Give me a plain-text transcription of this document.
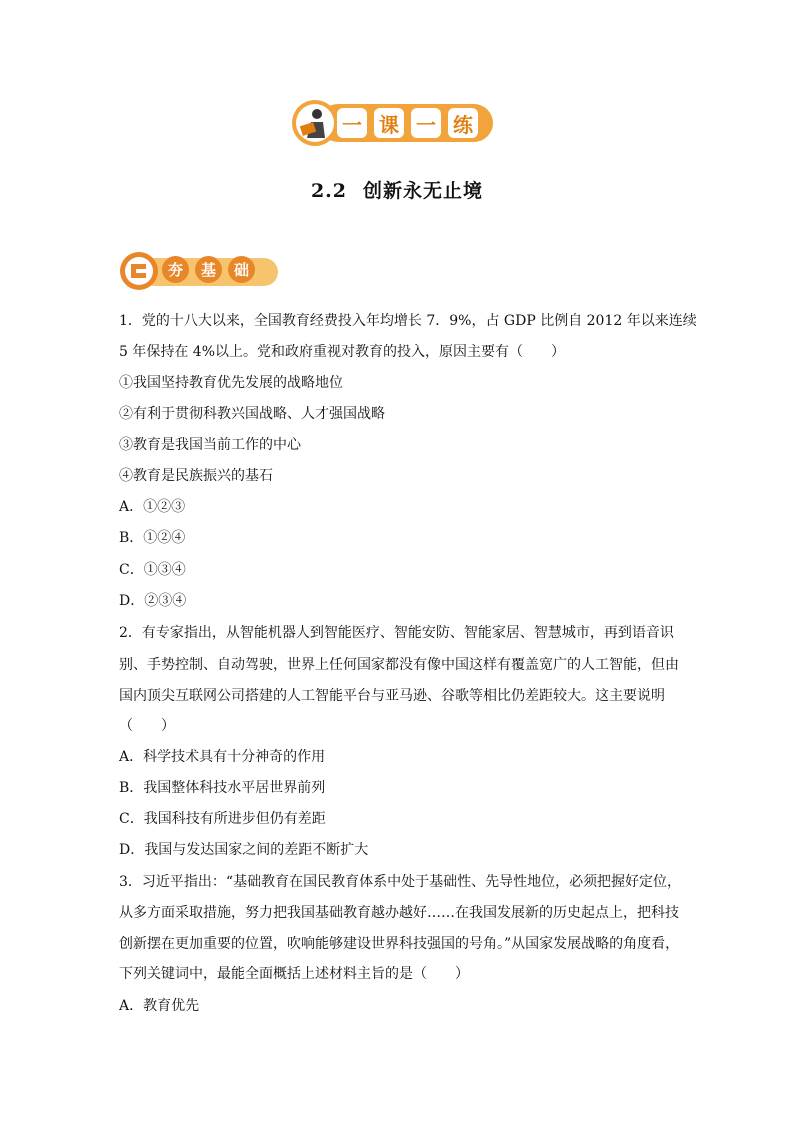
一 课 一 练
2.2 创新永无止境
夯	基	础
1．党的十八大以来，全国教育经费投入年均增长 7．9%，占 GDP 比例自 2012 年以来连续
5 年保持在 4%以上。党和政府重视对教育的投入，原因主要有（　　）
①我国坚持教育优先发展的战略地位
②有利于贯彻科教兴国战略、人才强国战略
③教育是我国当前工作的中心
④教育是民族振兴的基石
A．①②③
B．①②④
C．①③④
D．②③④
2．有专家指出，从智能机器人到智能医疗、智能安防、智能家居、智慧城市，再到语音识
别、手势控制、自动驾驶，世界上任何国家都没有像中国这样有覆盖宽广的人工智能，但由
国内顶尖互联网公司搭建的人工智能平台与亚马逊、谷歌等相比仍差距较大。这主要说明
（　　）
A．科学技术具有十分神奇的作用
B．我国整体科技水平居世界前列
C．我国科技有所进步但仍有差距
D．我国与发达国家之间的差距不断扩大
3．习近平指出：“基础教育在国民教育体系中处于基础性、先导性地位，必须把握好定位，
从多方面采取措施，努力把我国基础教育越办越好……在我国发展新的历史起点上，把科技
创新摆在更加重要的位置，吹响能够建设世界科技强国的号角。”从国家发展战略的角度看，
下列关键词中，最能全面概括上述材料主旨的是（　　）
A．教育优先
